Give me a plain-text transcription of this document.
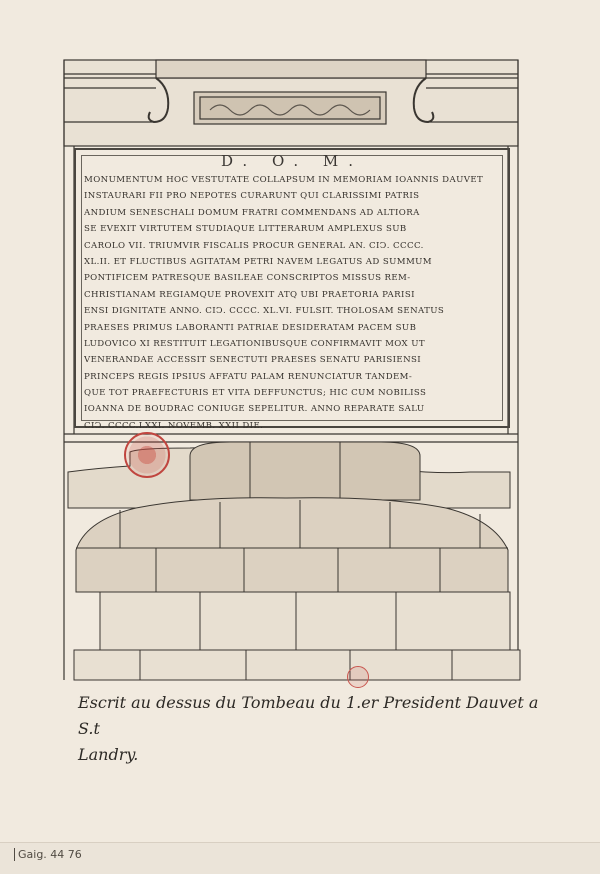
D. O. M.
MONUMENTUM HOC VESTUTATE COLLAPSUM IN MEMORIAM IOANNIS DAUVET
INSTAURARI FII PRO NEPOTES CURARUNT QUI CLARISSIMI PATRIS
ANDIUM SENESCHALI DOMUM FRATRI COMMENDANS AD ALTIORA
SE EVEXIT VIRTUTEM STUDIAQUE LITTERARUM AMPLEXUS SUB
CAROLO VII. TRIUMVIR FISCALIS PROCUR GENERAL AN. CIↃ. CCCC.
XL.II. ET FLUCTIBUS AGITATAM PETRI NAVEM LEGATUS AD SUMMUM
PONTIFICEM PATRESQUE BASILEAE CONSCRIPTOS MISSUS REM-
CHRISTIANAM REGIAMQUE PROVEXIT ATQ UBI PRAETORIA PARISI
ENSI DIGNITATE ANNO. CIↃ. CCCC. XL.VI. FULSIT. THOLOSAM SENATUS
PRAESES PRIMUS LABORANTI PATRIAE DESIDERATAM PACEM SUB
LUDOVICO XI RESTITUIT LEGATIONIBUSQUE CONFIRMAVIT MOX UT
VENERANDAE ACCESSIT SENECTUTI PRAESES SENATU PARISIENSI
PRINCEPS REGIS IPSIUS AFFATU PALAM RENUNCIATUR TANDEM-
QUE TOT PRAEFECTURIS ET VITA DEFFUNCTUS; HIC CUM NOBILISS
IOANNA DE BOUDRAC CONIUGE SEPELITUR. ANNO REPARATE SALU
CIↃ. CCCC.LXXI. NOVEMB. XXII DIE.
Escrit au dessus du Tombeau du 1.er President Dauvet a S.t
Landry.
Gaig. 44 76
